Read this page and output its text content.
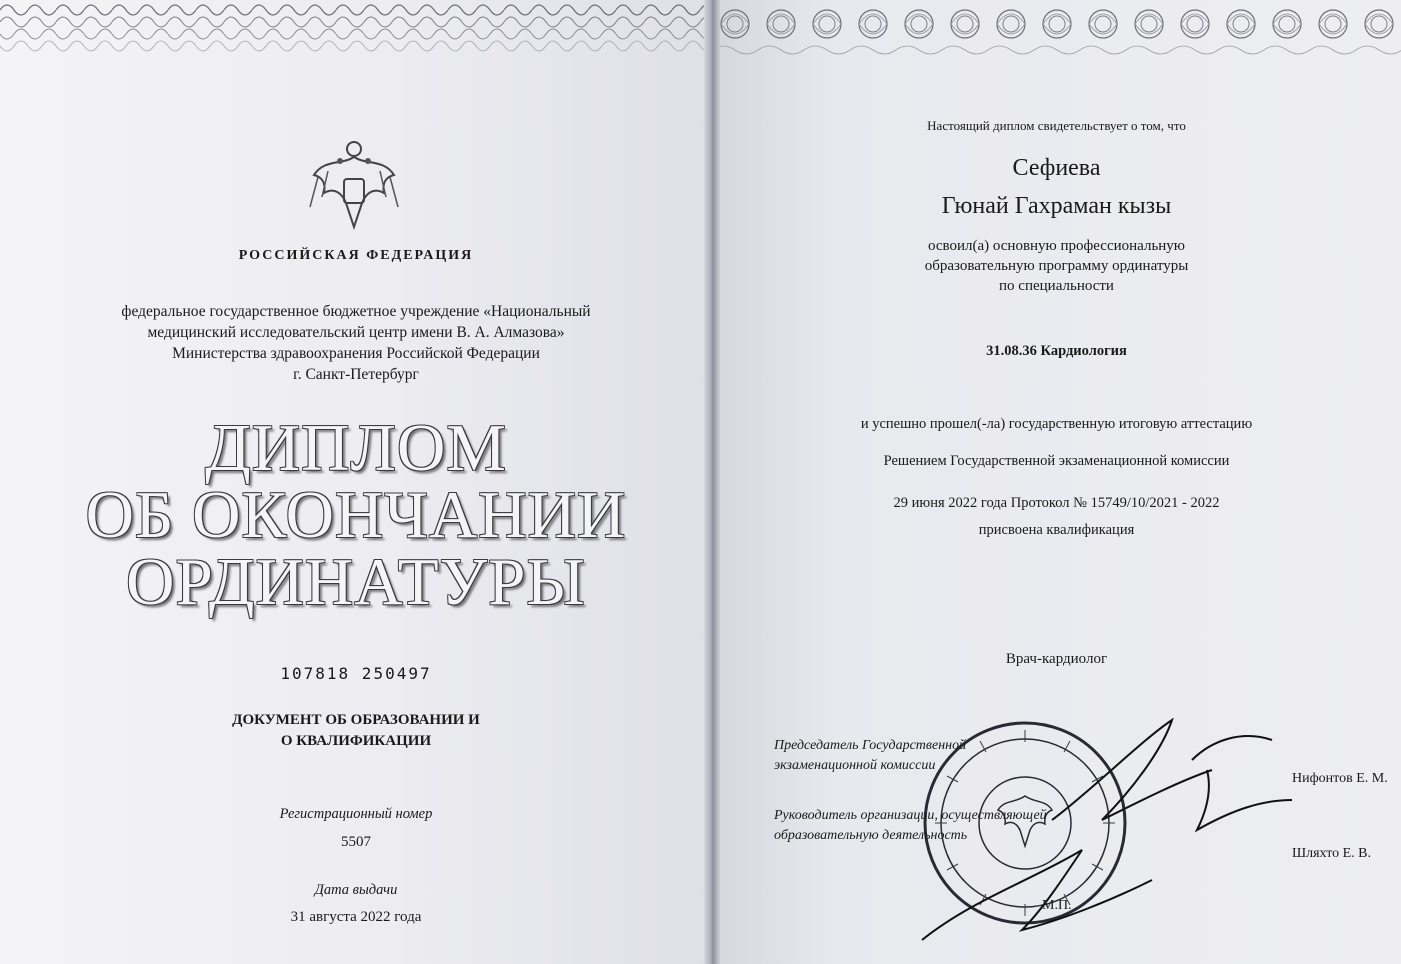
РОССИЙСКАЯ ФЕДЕРАЦИЯ
федеральное государственное бюджетное учреждение «Национальный
медицинский исследовательский центр имени В. А. Алмазова»
Министерства здравоохранения Российской Федерации
г. Санкт-Петербург
ДИПЛОМ
ОБ ОКОНЧАНИИ
ОРДИНАТУРЫ
107818 250497
ДОКУМЕНТ ОБ ОБРАЗОВАНИИ И
О КВАЛИФИКАЦИИ
Регистрационный номер
5507
Дата выдачи
31 августа 2022 года
Настоящий диплом свидетельствует о том, что
Сефиева
Гюнай Гахраман кызы
освоил(а) основную профессиональную
образовательную программу ординатуры
по специальности
31.08.36 Кардиология
и успешно прошел(-ла) государственную итоговую аттестацию
Решением Государственной экзаменационной комиссии
29 июня 2022 года Протокол № 15749/10/2021 - 2022
присвоена квалификация
Врач-кардиолог
Председатель Государственной
экзаменационной комиссии
Нифонтов Е. М.
Руководитель организации, осуществляющей
образовательную деятельность
Шляхто Е. В.
М.П.
